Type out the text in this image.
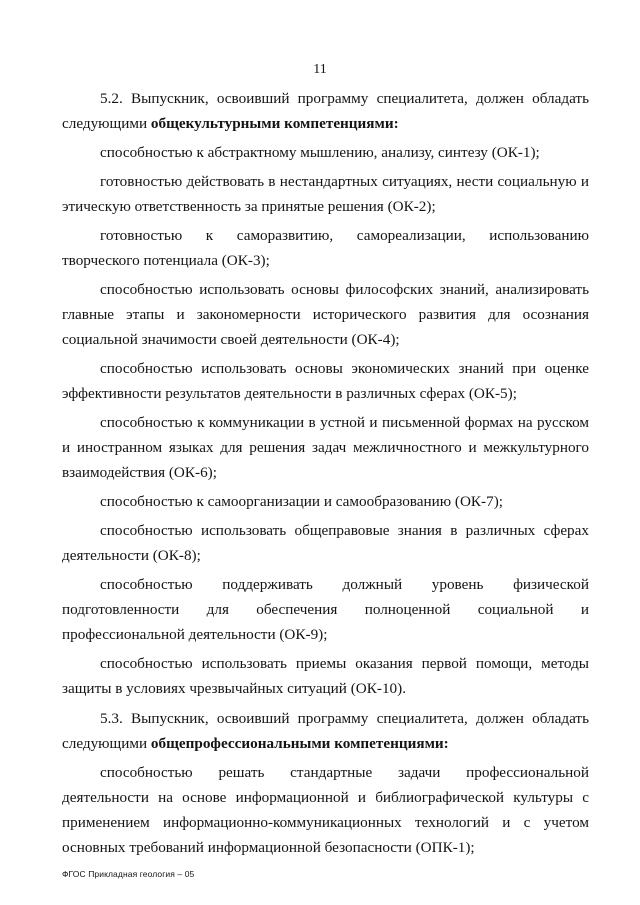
11

5.2. Выпускник, освоивший программу специалитета, должен обладать следующими общекультурными компетенциями:

способностью к абстрактному мышлению, анализу, синтезу (ОК-1);

готовностью действовать в нестандартных ситуациях, нести социальную и этическую ответственность за принятые решения (ОК-2);

готовностью к саморазвитию, самореализации, использованию творческого потенциала (ОК-3);

способностью использовать основы философских знаний, анализировать главные этапы и закономерности исторического развития для осознания социальной значимости своей деятельности (ОК-4);

способностью использовать основы экономических знаний при оценке эффективности результатов деятельности в различных сферах (ОК-5);

способностью к коммуникации в устной и письменной формах на русском и иностранном языках для решения задач межличностного и межкультурного взаимодействия (ОК-6);

способностью к самоорганизации и самообразованию (ОК-7);

способностью использовать общеправовые знания в различных сферах деятельности (ОК-8);

способностью поддерживать должный уровень физической подготовленности для обеспечения полноценной социальной и профессиональной деятельности (ОК-9);

способностью использовать приемы оказания первой помощи, методы защиты в условиях чрезвычайных ситуаций (ОК-10).

5.3. Выпускник, освоивший программу специалитета, должен обладать следующими общепрофессиональными компетенциями:

способностью решать стандартные задачи профессиональной деятельности на основе информационной и библиографической культуры с применением информационно-коммуникационных технологий и с учетом основных требований информационной безопасности (ОПК-1);

ФГОС Прикладная геология – 05
